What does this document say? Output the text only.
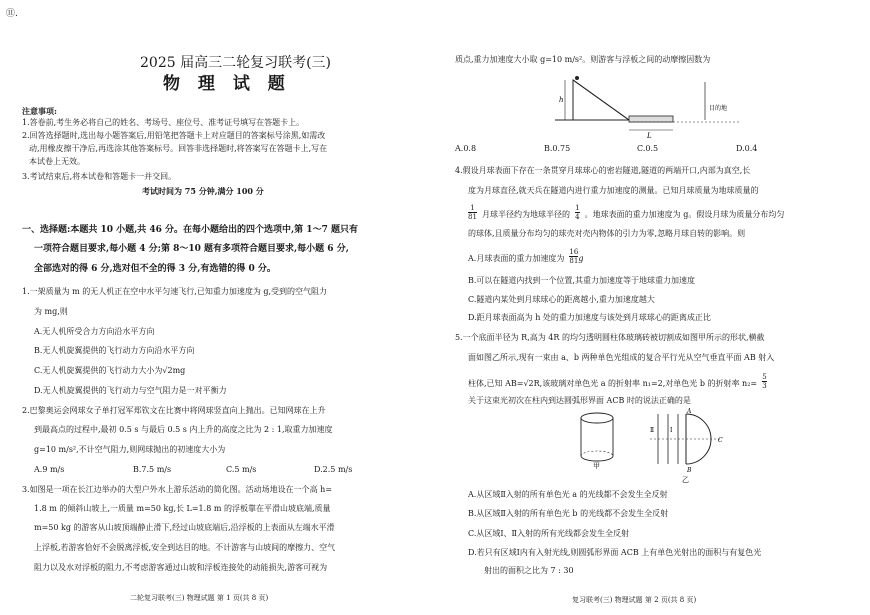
⑪.
2025 届高三二轮复习联考(三)
物 理 试 题
注意事项:
1.答卷前,考生务必将自己的姓名、考场号、座位号、准考证号填写在答题卡上。
2.回答选择题时,选出每小题答案后,用铅笔把答题卡上对应题目的答案标号涂黑,如需改
动,用橡皮擦干净后,再选涂其他答案标号。回答非选择题时,将答案写在答题卡上,写在
本试卷上无效。
3.考试结束后,将本试卷和答题卡一并交回。
考试时间为 75 分钟,满分 100 分
一、选择题:本题共 10 小题,共 46 分。在每小题给出的四个选项中,第 1～7 题只有
一项符合题目要求,每小题 4 分;第 8～10 题有多项符合题目要求,每小题 6 分,
全部选对的得 6 分,选对但不全的得 3 分,有选错的得 0 分。
1.一架质量为 m 的无人机正在空中水平匀速飞行,已知重力加速度为 g,受到的空气阻力
为 mg,则
A.无人机所受合力方向沿水平方向
B.无人机旋翼提供的飞行动力方向沿水平方向
C.无人机旋翼提供的飞行动力大小为√2mg
D.无人机旋翼提供的飞行动力与空气阻力是一对平衡力
2.巴黎奥运会网球女子单打冠军郑钦文在比赛中将网球竖直向上抛出。已知网球在上升
到最高点的过程中,最初 0.5 s 与最后 0.5 s 内上升的高度之比为 2 : 1,取重力加速度
g=10 m/s²,不计空气阻力,则网球抛出的初速度大小为
A.9 m/s	B.7.5 m/s	C.5 m/s	D.2.5 m/s
3.如图是一项在长江边举办的大型户外水上游乐活动的简化图。活动场地设在一个高 h=
1.8 m 的倾斜山坡上,一质量 m=50 kg,长 L=1.8 m 的浮板靠在平滑山坡底端,质量
m=50 kg 的游客从山坡顶端静止滑下,经过山坡底端后,沿浮板的上表面从左端水平滑
上浮板,若游客恰好不会脱离浮板,安全到达目的地。不计游客与山坡间的摩擦力、空气
阻力以及水对浮板的阻力,不考虑游客通过山坡和浮板连接处的动能损失,游客可视为
二轮复习联考(三) 物理试题 第 1 页(共 8 页)
质点,重力加速度大小取 g=10 m/s²。则游客与浮板之间的动摩擦因数为
h
L
目的地
A.0.8	B.0.75	C.0.5	D.0.4
4.假设月球表面下存在一条贯穿月球球心的密岩隧道,隧道的两端开口,内部为真空,长
度为月球直径,就天兵在隧道内进行重力加速度的测量。已知月球质量为地球质量的
$\frac{1}{81}$ 月球半径约为地球半径的 $\frac{1}{4}$ 。地球表面的重力加速度为 g。假设月球为质量分布均匀
的球体,且质量分布均匀的球壳对壳内物体的引力为零,忽略月球自转的影响。则
A.月球表面的重力加速度为 $\frac{16}{81}$ g
B.可以在隧道内找到一个位置,其重力加速度等于地球重力加速度
C.隧道内某处到月球球心的距离越小,重力加速度越大
D.距月球表面高为 h 处的重力加速度与该处到月球球心的距离成正比
5.一个底面半径为 R,高为 4R 的均匀透明圆柱体玻璃砖被切割成如图甲所示的形状,横截
面如图乙所示,现有一束由 a、b 两种单色光组成的复合平行光从空气垂直平面 AB 射入
柱体,已知 AB=√2R,该玻璃对单色光 a 的折射率 n₁=2,对单色光 b 的折射率 $n_2= \frac{5}{3}$
关于这束光初次在柱内到达圆弧形界面 ACB 时的说法正确的是
甲
Ⅱ	Ⅰ
A
B
C
乙
A.从区域Ⅱ入射的所有单色光 a 的光线都不会发生全反射
B.从区域Ⅱ入射的所有单色光 b 的光线都不会发生全反射
C.从区域Ⅰ、Ⅱ入射的所有光线都会发生全反射
D.若只有区域Ⅰ内有入射光线,则圆弧形界面 ACB 上有单色光射出的面积与有复色光
射出的面积之比为 7 : 30
复习联考(三) 物理试题 第 2 页(共 8 页)
